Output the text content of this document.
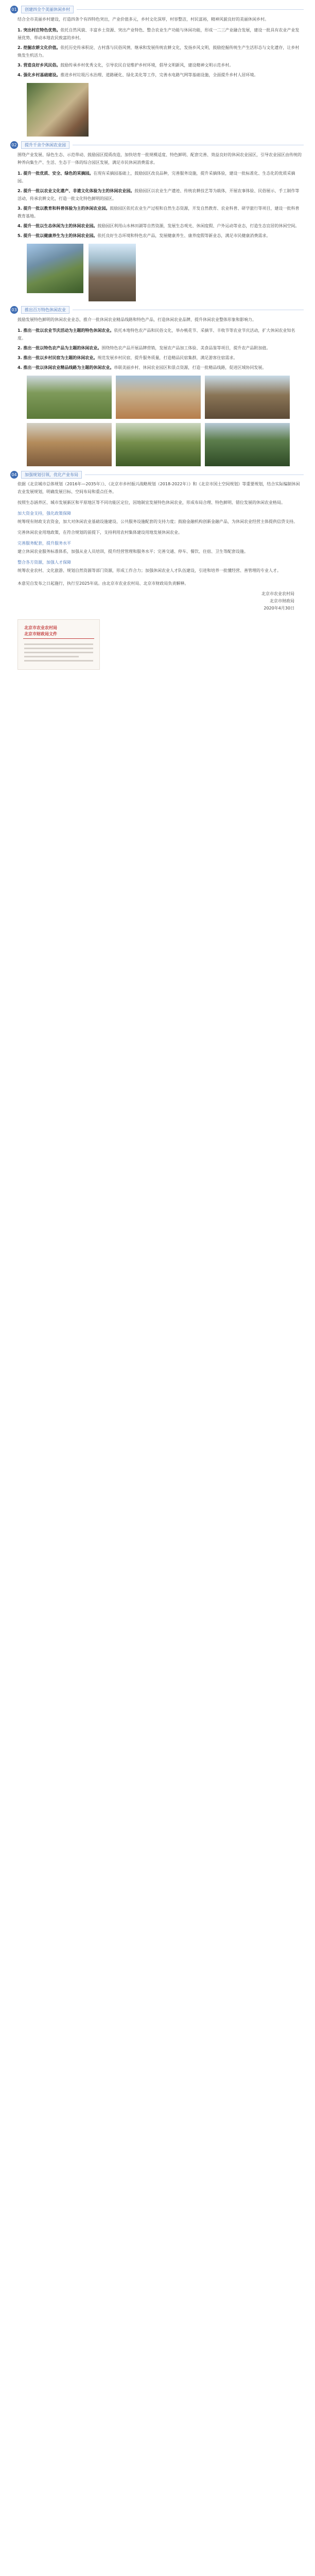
01	创建四全个美丽休闲乡村

结合全市美丽乡村建设，打造四条个有四特色突出，产业价值多元，乡村文化深厚，村容整洁，村民富裕，精神风貌良好的美丽休闲乡村。

1. 突出村庄特色优势。依托自然风貌、丰富乡土资源、突出产业特色、整合农业生产功能与休闲功能，形成一二三产业融合发展，建设一批具有农业产业发展优势、带动本地农民致富的乡村。
2. 挖掘农耕文化价值。依托历史传承积淀、古村落与民俗风情，继承和发展传统农耕文化，发扬乡风文明，鼓励挖掘传统生产生活形态与文化遗存，让乡村焕发生机活力。
3. 营造良好乡风民俗。鼓励传承乡村优秀文化，引导农民自觉维护乡村环境，倡导文明新风，建设精神文明示范乡村。
4. 强化乡村基础建设。推进乡村垃圾污水治理、道路硬化、绿化美化等工作，完善水电路气网等基础设施，全面提升乡村人居环境。
02	提升千余个休闲农业园

围绕产业发展、绿色生态、示范带动、鼓励园区提质改造，加快培育一批规模适度、特色鲜明、配套完善、效益良好的休闲农业园区，引导农业园区由传统的种养向集生产、生活、生态于一体的综合园区发展，满足市民休闲消费需求。

1. 提升一批优质、安全、绿色的采摘园。在现有采摘园基础上，鼓励园区改良品种，完善服务设施，提升采摘体验，建设一批标准化、生态化的优质采摘园。
2. 提升一批以农业文化遗产、非遗文化体验为主的休闲农业园。鼓励园区以农业生产遗迹、传统农耕技艺等为载体，开展农事体验、民俗展示、手工制作等活动，传承农耕文化，打造一批文化特色鲜明的园区。
3. 提升一批以教育和科普体验为主的休闲农业园。鼓励园区依托农业生产过程和自然生态资源，开发自然教育、农业科普、研学旅行等项目，建设一批科普教育基地。
4. 提升一批以生态休闲为主的休闲农业园。鼓励园区利用山水林田湖等自然资源，发展生态观光、休闲度假、户外运动等业态，打造生态宜居的休闲空间。
5. 提升一批以健康养生为主的休闲农业园。依托良好生态环境和特色农产品，发展健康养生、康养度假等新业态，满足市民健康消费需求。
03	推出百万特色休闲农业

鼓励发展特色鲜明的休闲农业业态，推介一批休闲农业精品线路和特色产品，打造休闲农业品牌，提升休闲农业整体形象和影响力。

1. 推出一批以农业节庆活动为主题的特色休闲农业。依托本地特色农产品和民俗文化，举办桃花节、采摘节、丰收节等农业节庆活动，扩大休闲农业知名度。
2. 推出一批以特色农产品为主题的休闲农业。围绕特色农产品开展品牌营销，发展农产品加工体验、美食品鉴等项目，提升农产品附加值。
3. 推出一批以乡村民宿为主题的休闲农业。规范发展乡村民宿，提升服务质量，打造精品民宿集群，满足游客住宿需求。
4. 推出一批以休闲农业精品线路为主题的休闲农业。串联美丽乡村、休闲农业园区和景点资源，打造一批精品线路，促进区域协同发展。
04	加强规划引领，优化产业布局

依据《北京城市总体规划（2016年—2035年）》、《北京市乡村振兴战略规划（2018-2022年）》和《北京市国土空间规划》等重要规划，结合实际编制休闲农业发展规划，明确发展目标、空间布局和重点任务。

按照生态涵养区、城市发展新区和平原地区等不同功能区定位，因地制宜发展特色休闲农业，形成布局合理、特色鲜明、错位发展的休闲农业格局。

加大资金支持，强化政策保障

统筹现有财政支农资金，加大对休闲农业基础设施建设、公共服务设施配套的支持力度；鼓励金融机构创新金融产品，为休闲农业经营主体提供信贷支持。

完善休闲农业用地政策，在符合规划的前提下，支持利用农村集体建设用地发展休闲农业。

完善服务配套，提升服务水平

建立休闲农业服务标准体系，加强从业人员培训，提升经营管理和服务水平；完善交通、停车、餐饮、住宿、卫生等配套设施。

整合各方资源，加强人才保障

统筹农业农村、文化旅游、规划自然资源等部门资源，形成工作合力；加强休闲农业人才队伍建设，引进和培养一批懂经营、善管理的专业人才。

本意见自发布之日起施行，执行至2025年底。由北京市农业农村局、北京市财政局负责解释。

北京市农业农村局
北京市财政局
2020年4月30日
北京市农业农村局
北京市财政局文件
